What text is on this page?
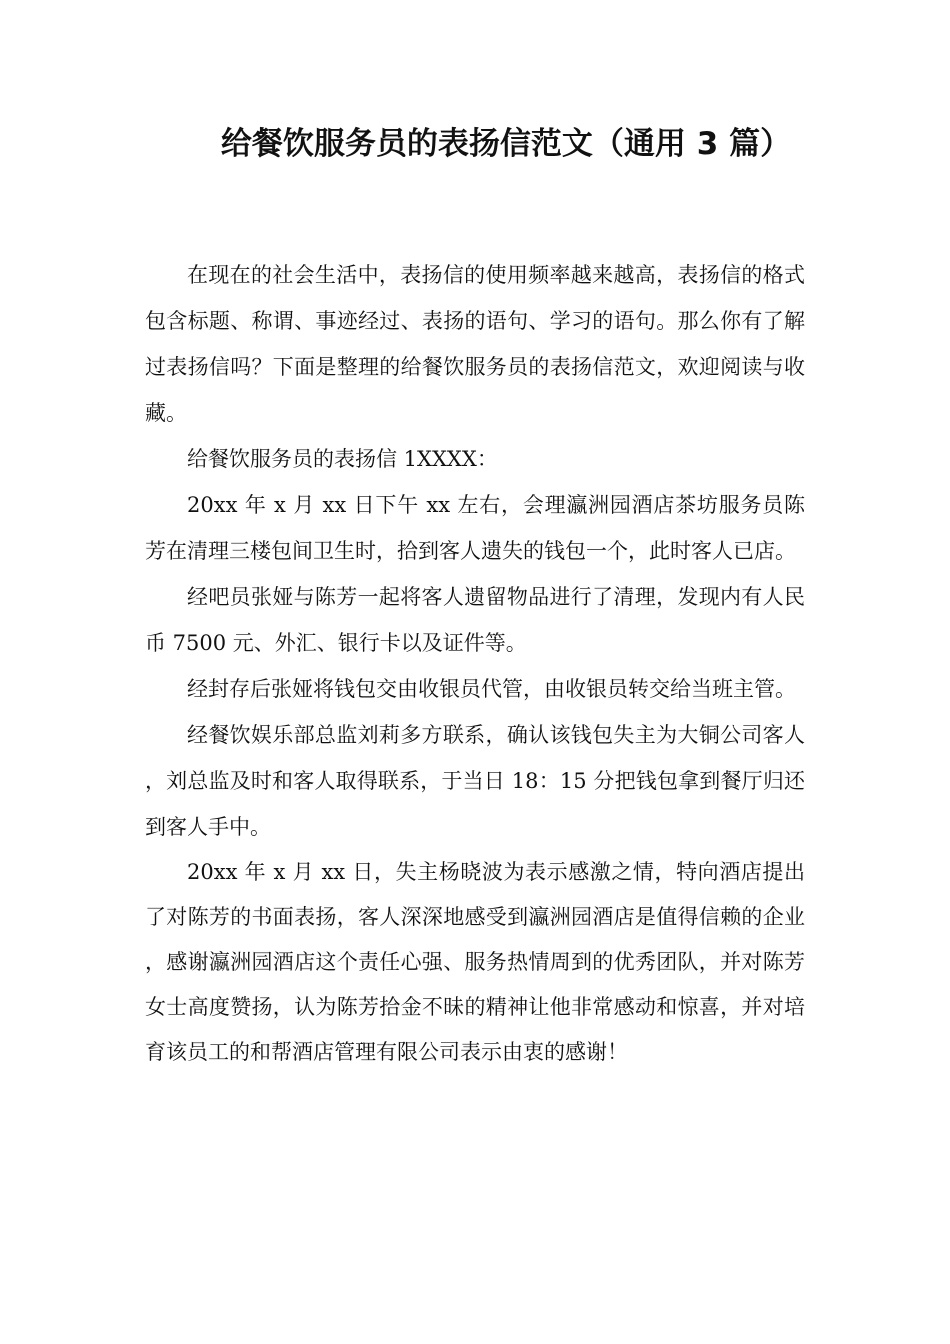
给餐饮服务员的表扬信范文（通用 3 篇）

在现在的社会生活中，表扬信的使用频率越来越高，表扬信的格式包含标题、称谓、事迹经过、表扬的语句、学习的语句。那么你有了解过表扬信吗？下面是整理的给餐饮服务员的表扬信范文，欢迎阅读与收藏。

给餐饮服务员的表扬信 1XXXX：

20xx 年 x 月 xx 日下午 xx 左右，会理瀛洲园酒店茶坊服务员陈芳在清理三楼包间卫生时，拾到客人遗失的钱包一个，此时客人已店。

经吧员张娅与陈芳一起将客人遗留物品进行了清理，发现内有人民币 7500 元、外汇、银行卡以及证件等。

经封存后张娅将钱包交由收银员代管，由收银员转交给当班主管。

经餐饮娱乐部总监刘莉多方联系，确认该钱包失主为大铜公司客人，刘总监及时和客人取得联系，于当日 18：15 分把钱包拿到餐厅归还到客人手中。

20xx 年 x 月 xx 日，失主杨晓波为表示感激之情，特向酒店提出了对陈芳的书面表扬，客人深深地感受到瀛洲园酒店是值得信赖的企业，感谢瀛洲园酒店这个责任心强、服务热情周到的优秀团队，并对陈芳女士高度赞扬，认为陈芳拾金不昧的精神让他非常感动和惊喜，并对培育该员工的和帮酒店管理有限公司表示由衷的感谢！
